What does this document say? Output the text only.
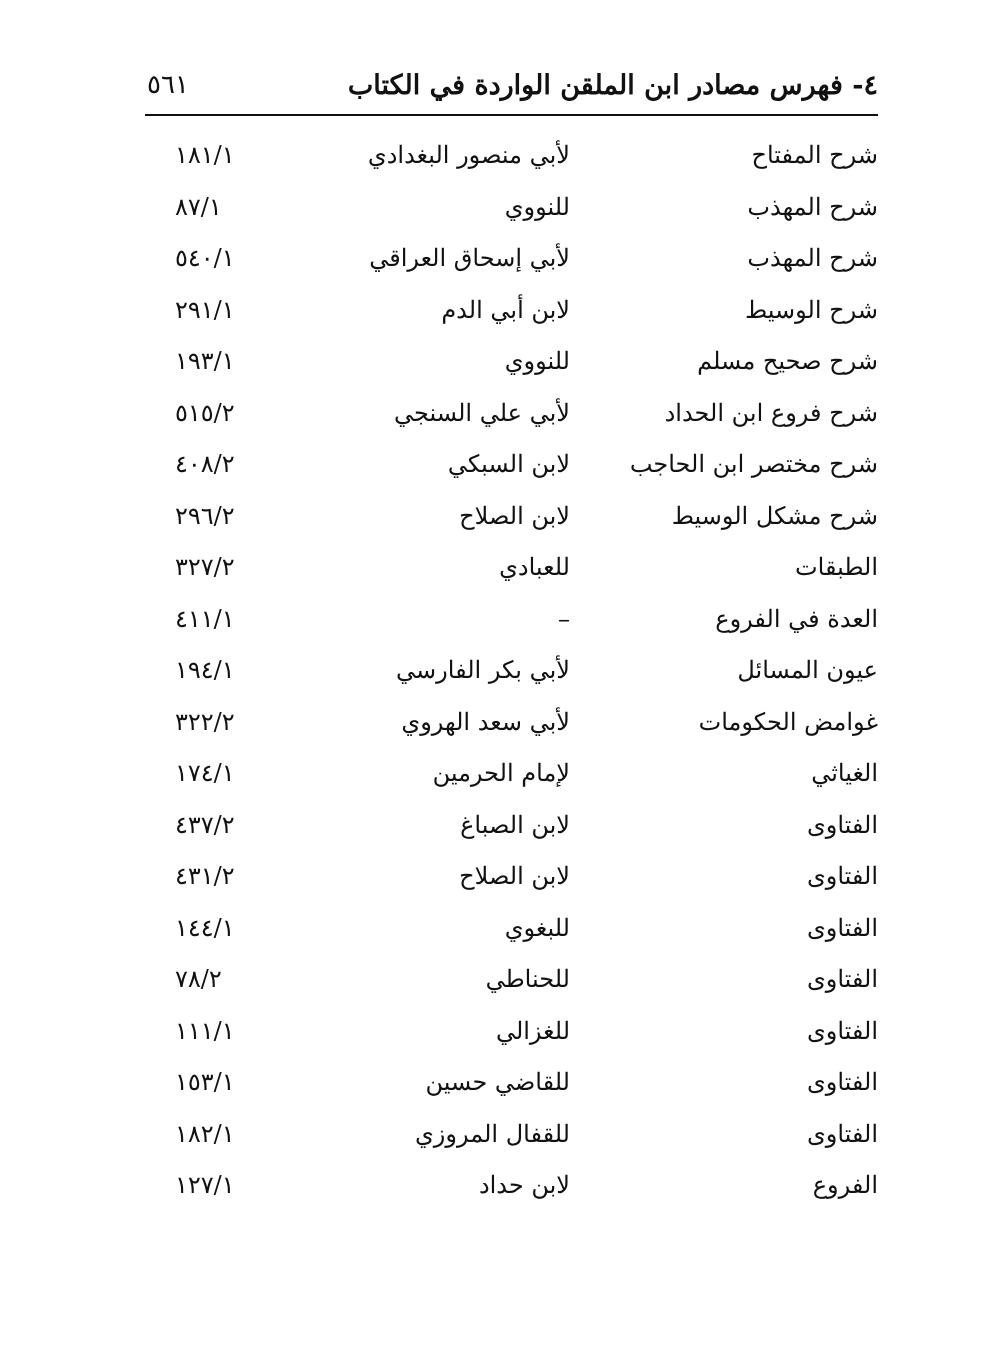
٤- فهرس مصادر ابن الملقن الواردة في الكتاب
٥٦١
شرح المفتاح
لأبي منصور البغدادي
١٨١/١
شرح المهذب
للنووي
٨٧/١
شرح المهذب
لأبي إسحاق العراقي
٥٤٠/١
شرح الوسيط
لابن أبي الدم
٢٩١/١
شرح صحيح مسلم
للنووي
١٩٣/١
شرح فروع ابن الحداد
لأبي علي السنجي
٥١٥/٢
شرح مختصر ابن الحاجب
لابن السبكي
٤٠٨/٢
شرح مشكل الوسيط
لابن الصلاح
٢٩٦/٢
الطبقات
للعبادي
٣٢٧/٢
العدة في الفروع
–
٤١١/١
عيون المسائل
لأبي بكر الفارسي
١٩٤/١
غوامض الحكومات
لأبي سعد الهروي
٣٢٢/٢
الغياثي
لإمام الحرمين
١٧٤/١
الفتاوى
لابن الصباغ
٤٣٧/٢
الفتاوى
لابن الصلاح
٤٣١/٢
الفتاوى
للبغوي
١٤٤/١
الفتاوى
للحناطي
٧٨/٢
الفتاوى
للغزالي
١١١/١
الفتاوى
للقاضي حسين
١٥٣/١
الفتاوى
للقفال المروزي
١٨٢/١
الفروع
لابن حداد
١٢٧/١
